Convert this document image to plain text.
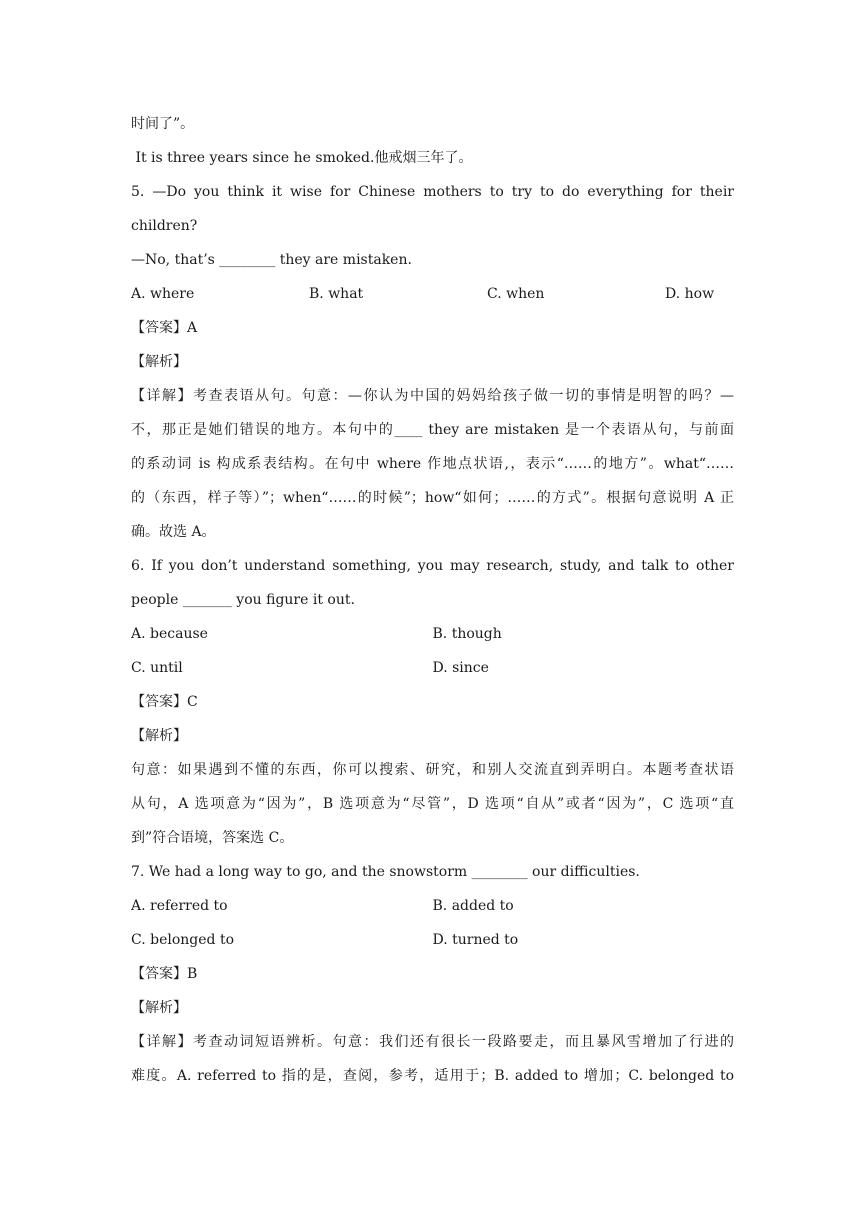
时间了”。
It is three years since he smoked.他戒烟三年了。
5. —Do you think it wise for Chinese mothers to try to do everything for their
children?
—No, that’s ________ they are mistaken.
A. where	B. what	C. when	D. how
【答案】A
【解析】
【详解】考查表语从句。句意：—你认为中国的妈妈给孩子做一切的事情是明智的吗？—
不，那正是她们错误的地方。本句中的____ they are mistaken 是一个表语从句，与前面
的系动词 is 构成系表结构。在句中 where 作地点状语,，表示“……的地方”。what“……
的（东西，样子等）”；when“……的时候”；how“如何；……的方式”。根据句意说明 A 正
确。故选 A。
6. If you don’t understand something, you may research, study, and talk to other
people _______ you figure it out.
A. because	B. though
C. until	D. since
【答案】C
【解析】
句意：如果遇到不懂的东西，你可以搜索、研究，和别人交流直到弄明白。本题考查状语
从句，A 选项意为“因为”，B 选项意为“尽管”，D 选项“自从”或者“因为”，C 选项“直
到”符合语境，答案选 C。
7. We had a long way to go, and the snowstorm ________ our difficulties.
A. referred to	B. added to
C. belonged to	D. turned to
【答案】B
【解析】
【详解】考查动词短语辨析。句意：我们还有很长一段路要走，而且暴风雪增加了行进的
难度。A. referred to 指的是，查阅，参考，适用于；B. added to 增加；C. belonged to
